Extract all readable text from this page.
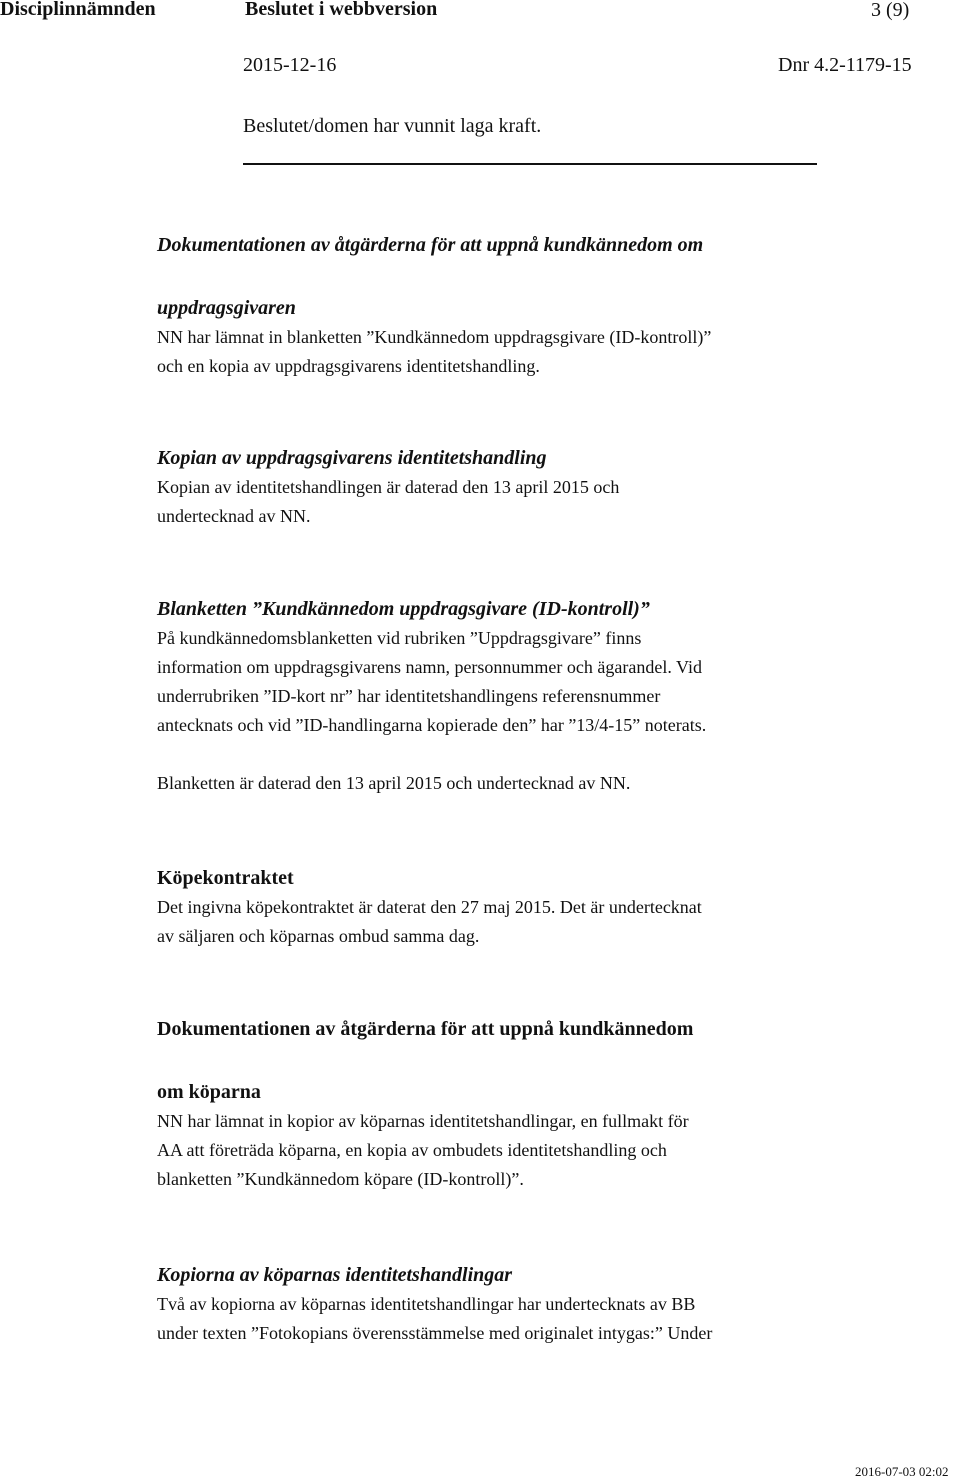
Disciplinnämnden	Beslutet i webbversion	3 (9)
2015-12-16	Dnr 4.2-1179-15
Beslutet/domen har vunnit laga kraft.
Dokumentationen av åtgärderna för att uppnå kundkännedom om
uppdragsgivaren
NN har lämnat in blanketten ”Kundkännedom uppdragsgivare (ID-kontroll)”
och en kopia av uppdragsgivarens identitetshandling.
Kopian av uppdragsgivarens identitetshandling
Kopian av identitetshandlingen är daterad den 13 april 2015 och
undertecknad av NN.
Blanketten ”Kundkännedom uppdragsgivare (ID-kontroll)”
På kundkännedomsblanketten vid rubriken ”Uppdragsgivare” finns
information om uppdragsgivarens namn, personnummer och ägarandel. Vid
underrubriken ”ID-kort nr” har identitetshandlingens referensnummer
antecknats och vid ”ID-handlingarna kopierade den” har ”13/4-15” noterats.
Blanketten är daterad den 13 april 2015 och undertecknad av NN.
Köpekontraktet
Det ingivna köpekontraktet är daterat den 27 maj 2015. Det är undertecknat
av säljaren och köparnas ombud samma dag.
Dokumentationen av åtgärderna för att uppnå kundkännedom
om köparna
NN har lämnat in kopior av köparnas identitetshandlingar, en fullmakt för
AA att företräda köparna, en kopia av ombudets identitetshandling och
blanketten ”Kundkännedom köpare (ID-kontroll)”.
Kopiorna av köparnas identitetshandlingar
Två av kopiorna av köparnas identitetshandlingar har undertecknats av BB
under texten ”Fotokopians överensstämmelse med originalet intygas:” Under
2016-07-03 02:02
